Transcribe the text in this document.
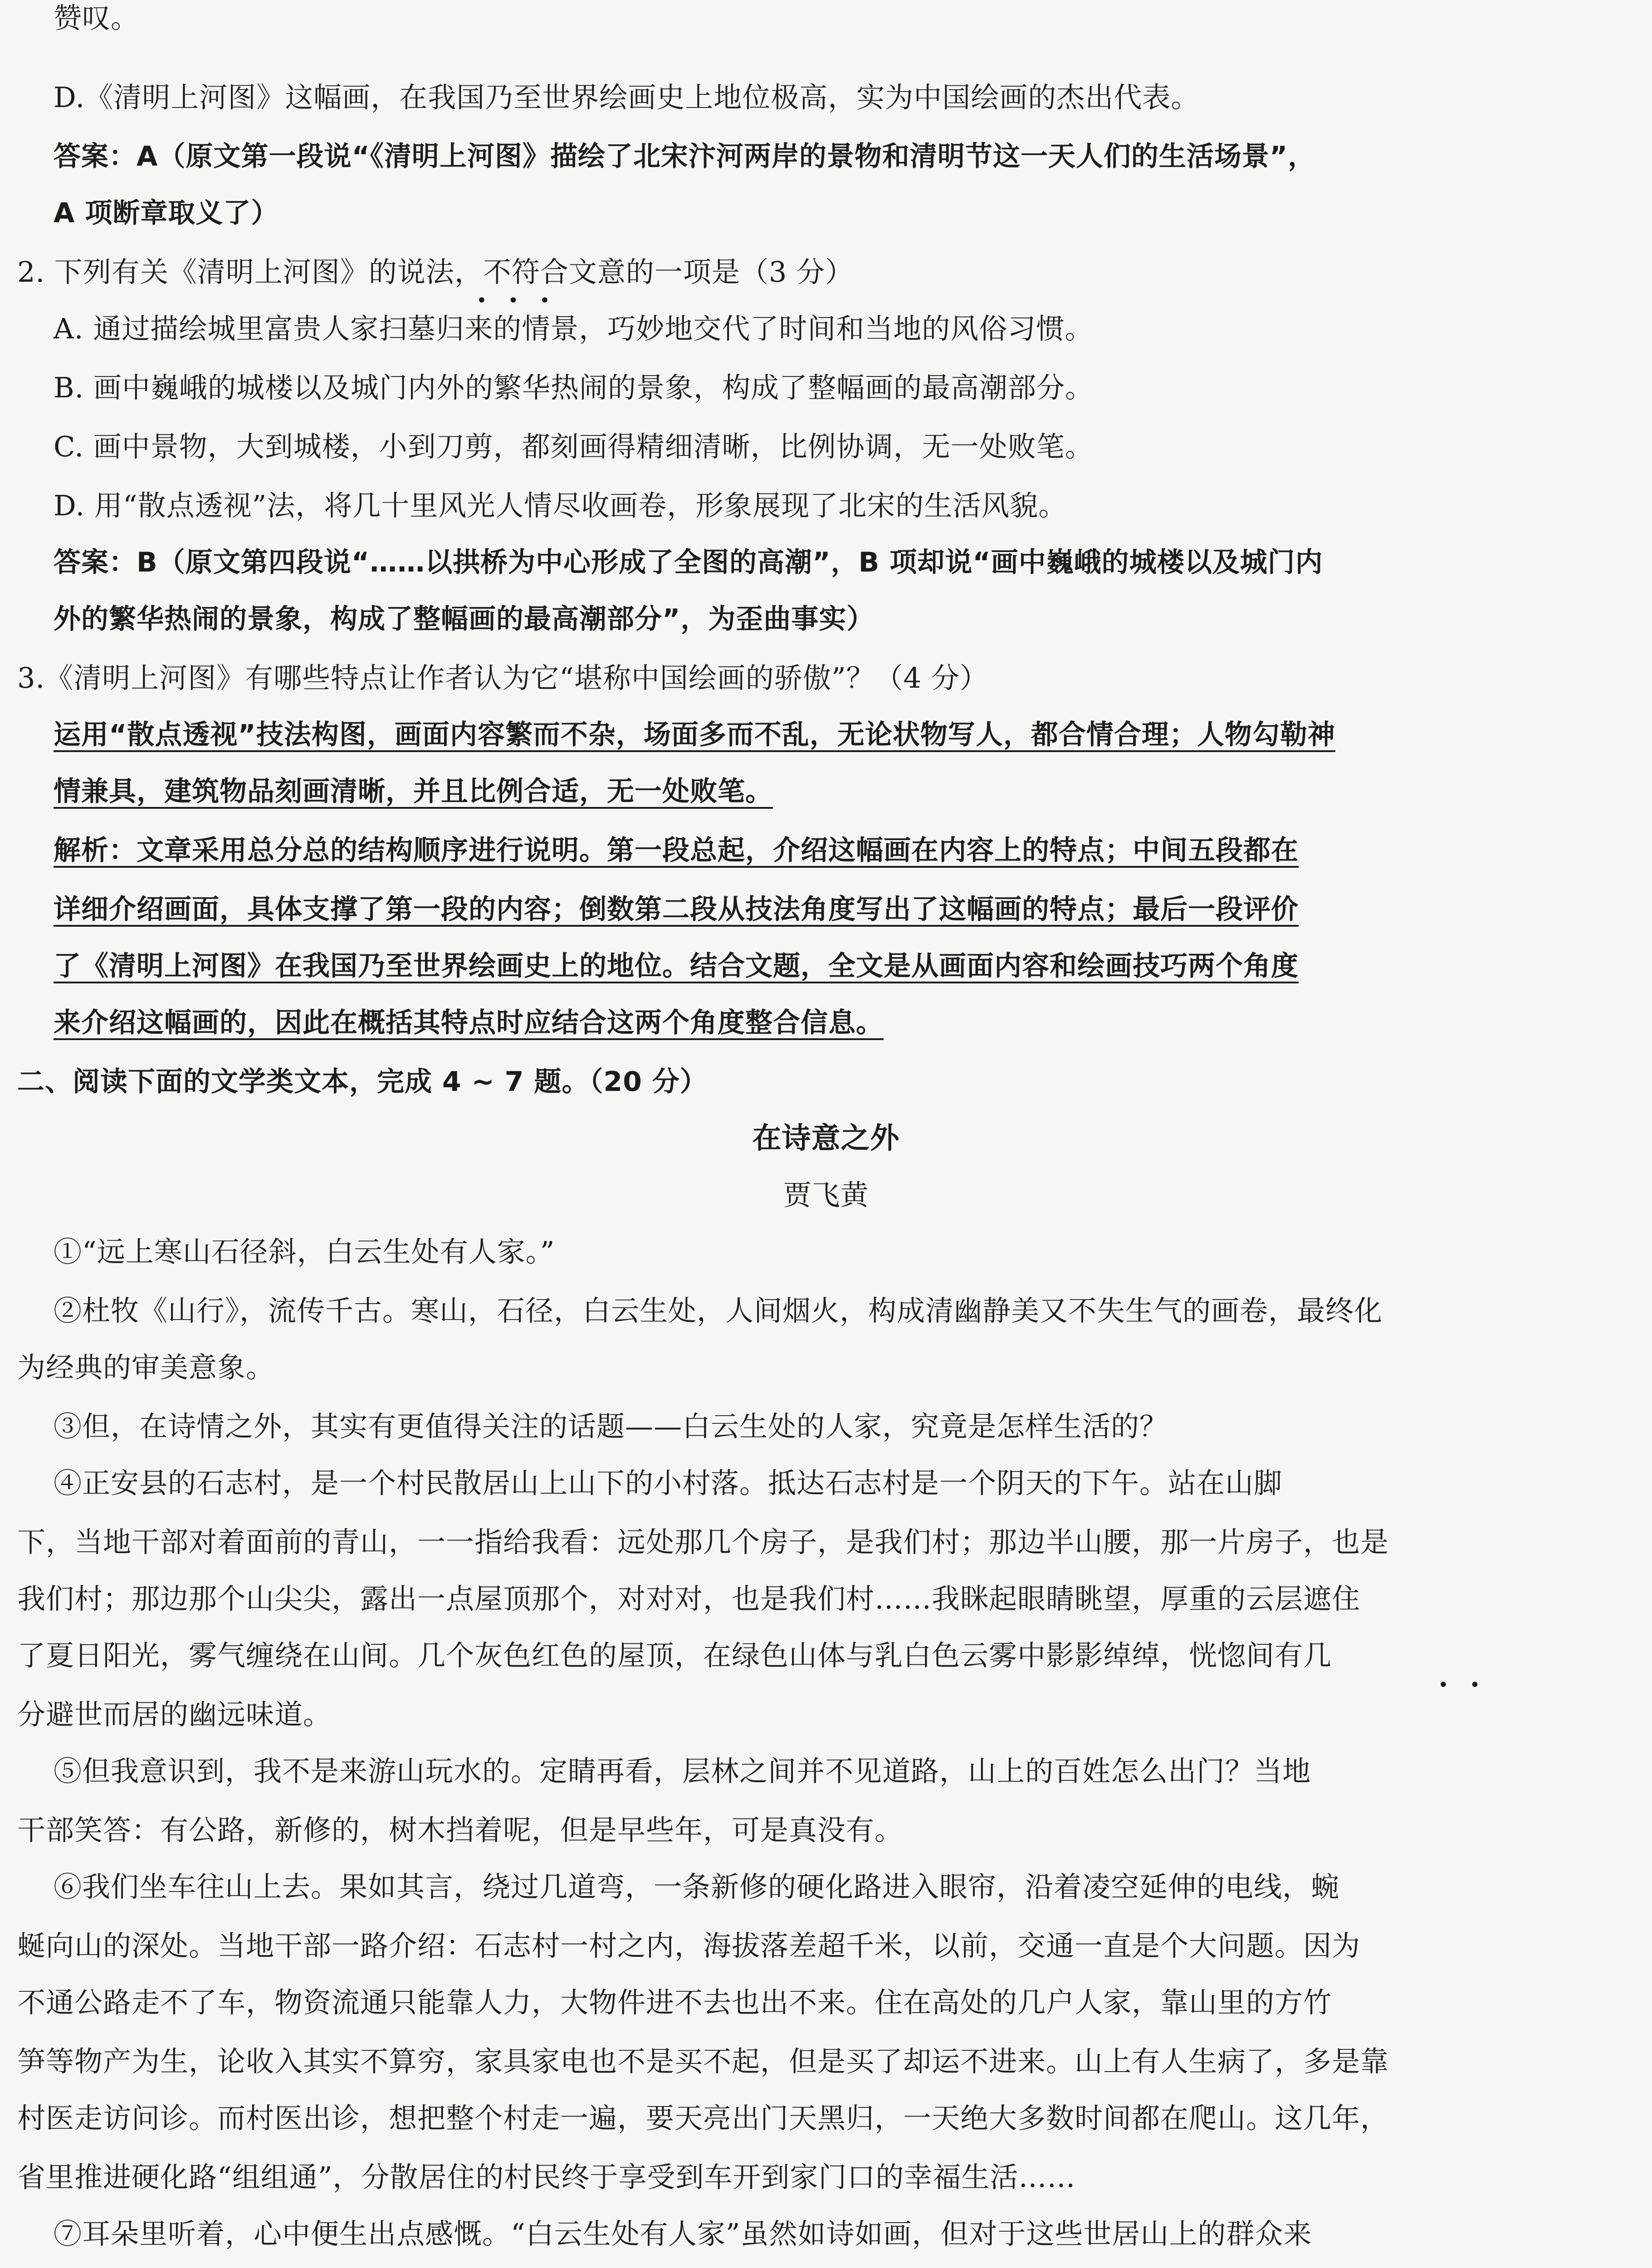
赞叹。
D.《清明上河图》这幅画，在我国乃至世界绘画史上地位极高，实为中国绘画的杰出代表。
答案：A（原文第一段说“《清明上河图》描绘了北宋汴河两岸的景物和清明节这一天人们的生活场景”，
A 项断章取义了）
2. 下列有关《清明上河图》的说法，不符合文意的一项是（3 分）
•••
A. 通过描绘城里富贵人家扫墓归来的情景，巧妙地交代了时间和当地的风俗习惯。
B. 画中巍峨的城楼以及城门内外的繁华热闹的景象，构成了整幅画的最高潮部分。
C. 画中景物，大到城楼，小到刀剪，都刻画得精细清晰，比例协调，无一处败笔。
D. 用“散点透视”法，将几十里风光人情尽收画卷，形象展现了北宋的生活风貌。
答案：B（原文第四段说“……以拱桥为中心形成了全图的高潮”，B 项却说“画中巍峨的城楼以及城门内
外的繁华热闹的景象，构成了整幅画的最高潮部分”，为歪曲事实）
3.《清明上河图》有哪些特点让作者认为它“堪称中国绘画的骄傲”？（4 分）
运用“散点透视”技法构图，画面内容繁而不杂，场面多而不乱，无论状物写人，都合情合理；人物勾勒神
情兼具，建筑物品刻画清晰，并且比例合适，无一处败笔。
解析：文章采用总分总的结构顺序进行说明。第一段总起，介绍这幅画在内容上的特点；中间五段都在
详细介绍画面，具体支撑了第一段的内容；倒数第二段从技法角度写出了这幅画的特点；最后一段评价
了《清明上河图》在我国乃至世界绘画史上的地位。结合文题，全文是从画面内容和绘画技巧两个角度
来介绍这幅画的，因此在概括其特点时应结合这两个角度整合信息。
二、阅读下面的文学类文本，完成 4 ~ 7 题。（20 分）
在诗意之外
贾飞黄
①“远上寒山石径斜，白云生处有人家。”
②杜牧《山行》，流传千古。寒山，石径，白云生处，人间烟火，构成清幽静美又不失生气的画卷，最终化
为经典的审美意象。
③但，在诗情之外，其实有更值得关注的话题——白云生处的人家，究竟是怎样生活的？
④正安县的石志村，是一个村民散居山上山下的小村落。抵达石志村是一个阴天的下午。站在山脚
下，当地干部对着面前的青山，一一指给我看：远处那几个房子，是我们村；那边半山腰，那一片房子，也是
我们村；那边那个山尖尖，露出一点屋顶那个，对对对，也是我们村……我眯起眼睛眺望，厚重的云层遮住
了夏日阳光，雾气缠绕在山间。几个灰色红色的屋顶，在绿色山体与乳白色云雾中影影绰绰，恍惚间有几
••
分避世而居的幽远味道。
⑤但我意识到，我不是来游山玩水的。定睛再看，层林之间并不见道路，山上的百姓怎么出门？当地
干部笑答：有公路，新修的，树木挡着呢，但是早些年，可是真没有。
⑥我们坐车往山上去。果如其言，绕过几道弯，一条新修的硬化路进入眼帘，沿着凌空延伸的电线，蜿
蜒向山的深处。当地干部一路介绍：石志村一村之内，海拔落差超千米，以前，交通一直是个大问题。因为
不通公路走不了车，物资流通只能靠人力，大物件进不去也出不来。住在高处的几户人家，靠山里的方竹
笋等物产为生，论收入其实不算穷，家具家电也不是买不起，但是买了却运不进来。山上有人生病了，多是靠
村医走访问诊。而村医出诊，想把整个村走一遍，要天亮出门天黑归，一天绝大多数时间都在爬山。这几年，
省里推进硬化路“组组通”，分散居住的村民终于享受到车开到家门口的幸福生活……
⑦耳朵里听着，心中便生出点感慨。“白云生处有人家”虽然如诗如画，但对于这些世居山上的群众来
